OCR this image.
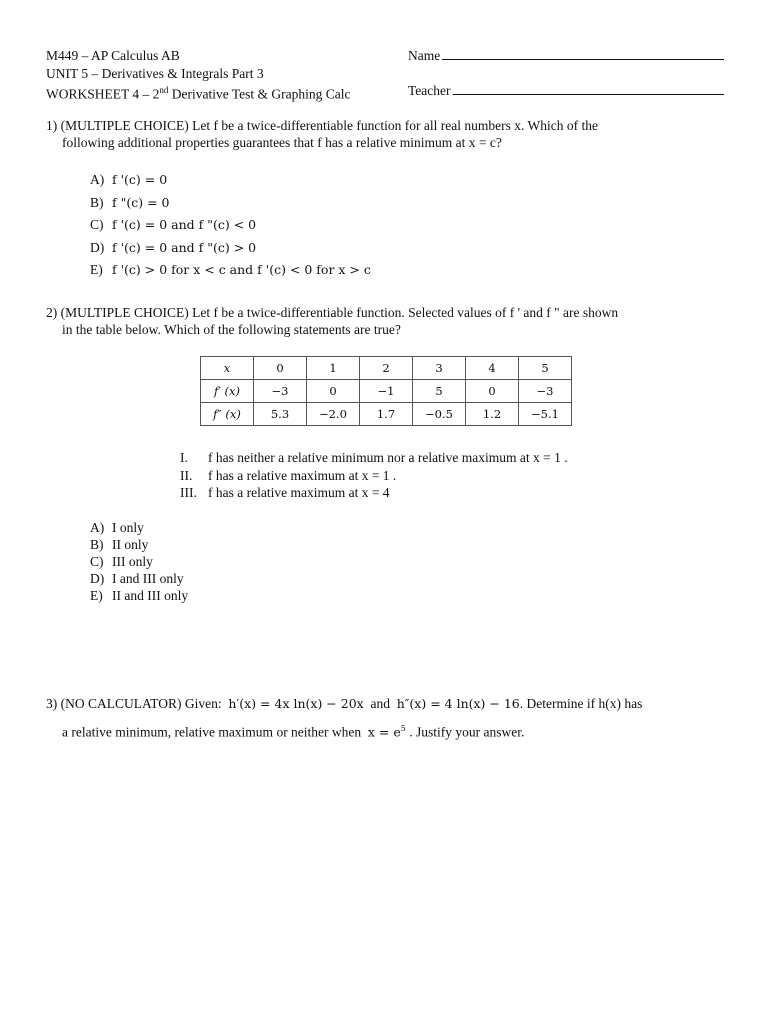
M449 – AP Calculus AB
UNIT 5 – Derivatives & Integrals Part 3
WORKSHEET 4 – 2nd Derivative Test & Graphing Calc
Name
Teacher
1) (MULTIPLE CHOICE) Let f be a twice-differentiable function for all real numbers x. Which of the
following additional properties guarantees that f has a relative minimum at x = c?
A) f '(c) = 0
B) f "(c) = 0
C) f '(c) = 0 and f "(c) < 0
D) f '(c) = 0 and f "(c) > 0
E) f '(c) > 0 for x < c and f '(c) < 0 for x > c
2) (MULTIPLE CHOICE) Let f be a twice-differentiable function. Selected values of f ' and f " are shown
in the table below. Which of the following statements are true?
x	0	1	2	3	4	5
f′ (x)	−3	0	−1	5	0	−3
f″ (x)	5.3	−2.0	1.7	−0.5	1.2	−5.1
I. f has neither a relative minimum nor a relative maximum at x = 1 .
II. f has a relative maximum at x = 1 .
III. f has a relative maximum at x = 4
A) I only
B) II only
C) III only
D) I and III only
E) II and III only
3) (NO CALCULATOR) Given: h′(x) = 4x ln(x) − 20x and h″(x) = 4 ln(x) − 16. Determine if h(x) has
a relative minimum, relative maximum or neither when $x = e^5$ . Justify your answer.
